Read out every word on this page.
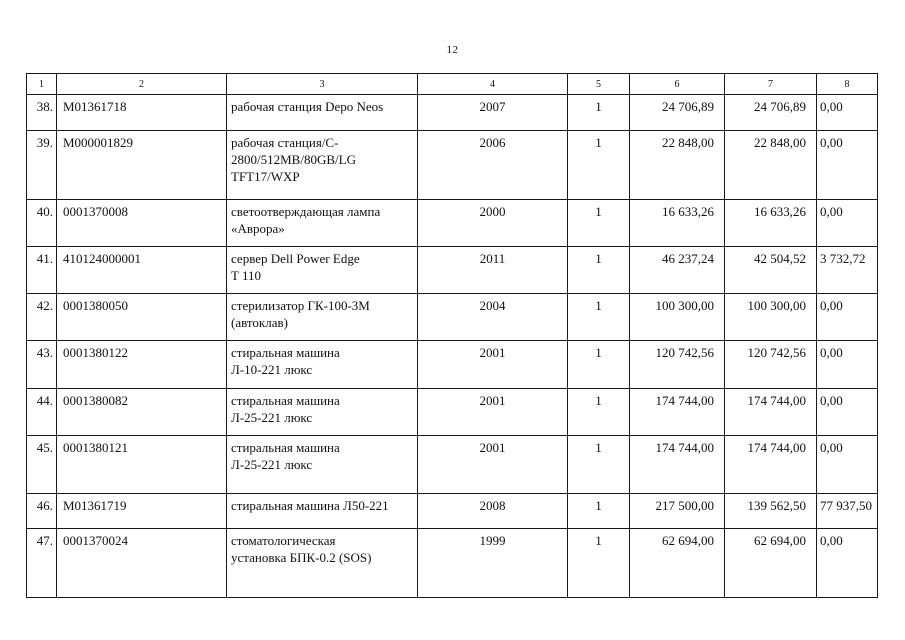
12
1	2	3	4	5	6	7	8

38.	М01361718	рабочая станция Depo Neos	2007	1	24 706,89	24 706,89	0,00

39.	М000001829	рабочая станция/С-
2800/512МВ/80GB/LG
TFT17/WXP	2006	1	22 848,00	22 848,00	0,00

40.	0001370008	светоотверждающая лампа
«Аврора»	2000	1	16 633,26	16 633,26	0,00

41.	410124000001	сервер Dell Power Edge
T 110	2011	1	46 237,24	42 504,52	3 732,72

42.	0001380050	стерилизатор ГК-100-3М
(автоклав)	2004	1	100 300,00	100 300,00	0,00

43.	0001380122	стиральная машина
Л-10-221 люкс	2001	1	120 742,56	120 742,56	0,00

44.	0001380082	стиральная машина
Л-25-221 люкс	2001	1	174 744,00	174 744,00	0,00

45.	0001380121	стиральная машина
Л-25-221 люкс	2001	1	174 744,00	174 744,00	0,00

46.	М01361719	стиральная машина Л50-221	2008	1	217 500,00	139 562,50	77 937,50

47.	0001370024	стоматологическая
установка БПК-0.2 (SOS)	1999	1	62 694,00	62 694,00	0,00
